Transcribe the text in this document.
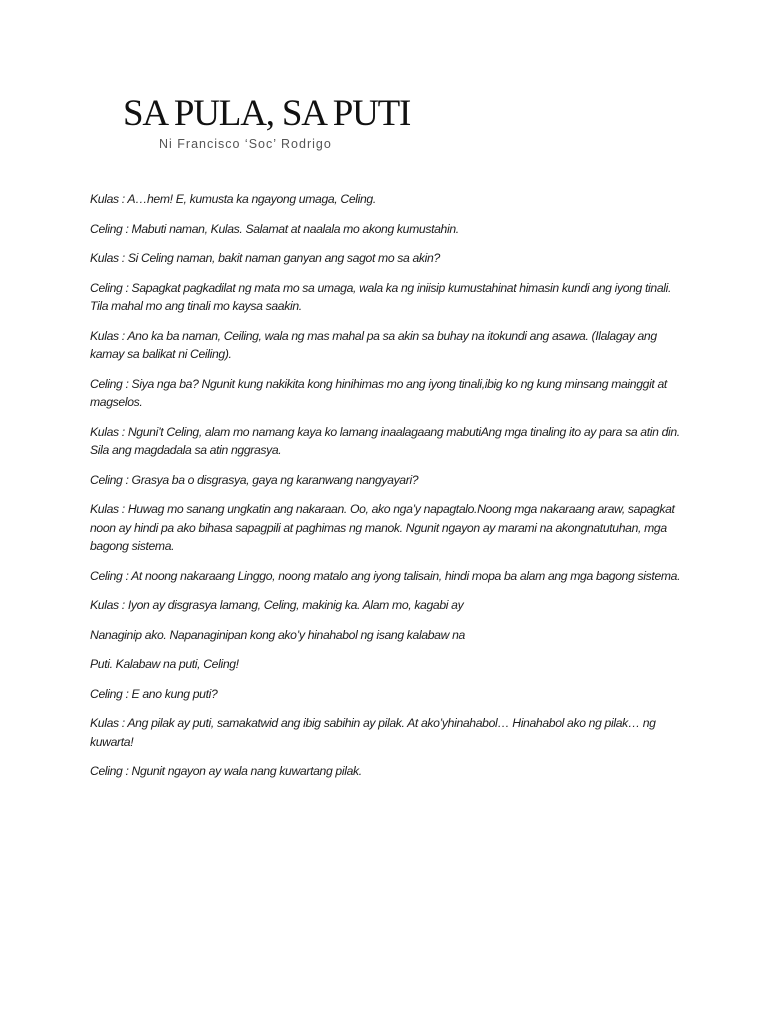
SA PULA, SA PUTI

Ni Francisco ‘Soc’ Rodrigo

Kulas : A…hem! E, kumusta ka ngayong umaga, Celing.

Celing : Mabuti naman, Kulas. Salamat at naalala mo akong kumustahin.

Kulas : Si Celing naman, bakit naman ganyan ang sagot mo sa akin?

Celing : Sapagkat pagkadilat ng mata mo sa umaga, wala ka ng iniisip kumustahinat himasin kundi ang iyong tinali. Tila mahal mo ang tinali mo kaysa saakin.

Kulas : Ano ka ba naman, Ceiling, wala ng mas mahal pa sa akin sa buhay na itokundi ang asawa. (Ilalagay ang kamay sa balikat ni Ceiling).

Celing : Siya nga ba? Ngunit kung nakikita kong hinihimas mo ang iyong tinali,ibig ko ng kung minsang mainggit at magselos.

Kulas : Nguni’t Celing, alam mo namang kaya ko lamang inaalagaang mabutiAng mga tinaling ito ay para sa atin din. Sila ang magdadala sa atin nggrasya.

Celing : Grasya ba o disgrasya, gaya ng karanwang nangyayari?

Kulas : Huwag mo sanang ungkatin ang nakaraan. Oo, ako nga’y napagtalo.Noong mga nakaraang araw, sapagkat noon ay hindi pa ako bihasa sapagpili at paghimas ng manok. Ngunit ngayon ay marami na akongnatutuhan, mga bagong sistema.

Celing : At noong nakaraang Linggo, noong matalo ang iyong talisain, hindi mopa ba alam ang mga bagong sistema.

Kulas : Iyon ay disgrasya lamang, Celing, makinig ka. Alam mo, kagabi ay

Nanaginip ako. Napanaginipan kong ako’y hinahabol ng isang kalabaw na

Puti. Kalabaw na puti, Celing!

Celing : E ano kung puti?

Kulas : Ang pilak ay puti, samakatwid ang ibig sabihin ay pilak. At ako’yhinahabol… Hinahabol ako ng pilak… ng kuwarta!

Celing : Ngunit ngayon ay wala nang kuwartang pilak.
